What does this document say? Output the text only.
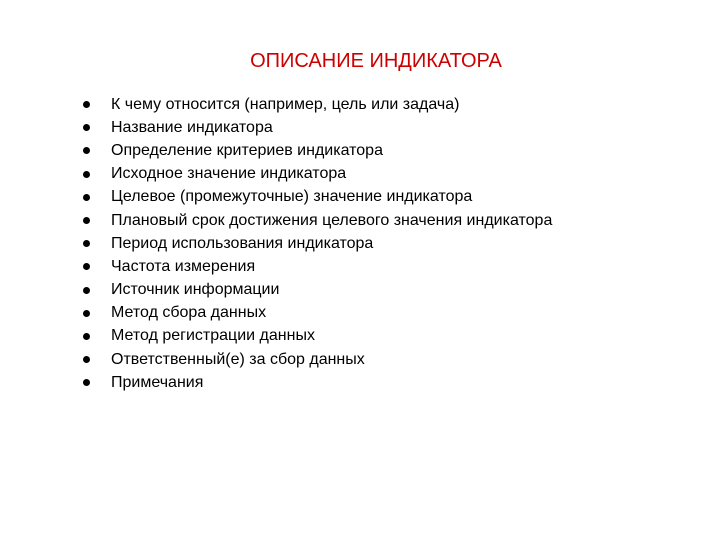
ОПИСАНИЕ ИНДИКАТОРА
К чему относится (например, цель или задача)
Название индикатора
Определение критериев индикатора
Исходное значение индикатора
Целевое (промежуточные) значение индикатора
Плановый срок достижения целевого значения индикатора
Период использования индикатора
Частота измерения
Источник информации
Метод сбора данных
Метод регистрации данных
Ответственный(е) за сбор данных
Примечания
